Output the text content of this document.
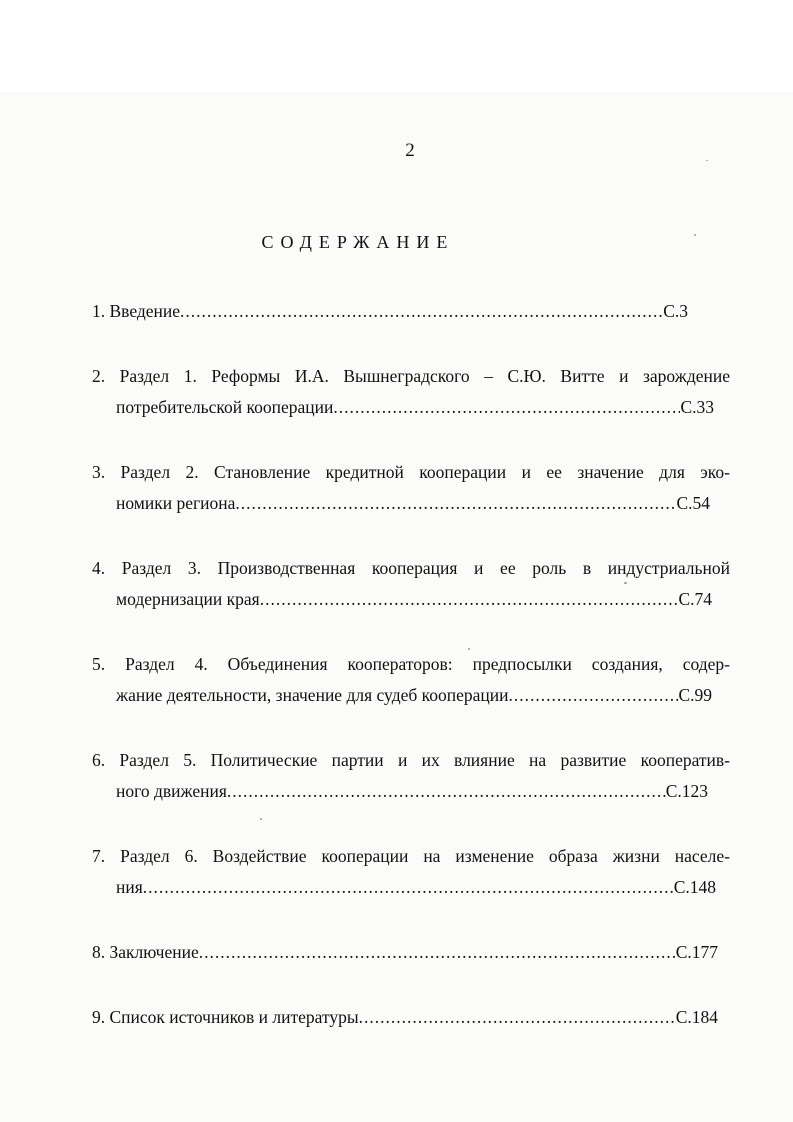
2
СОДЕРЖАНИЕ
1. Введение .....	С.3
2. Раздел 1. Реформы И.А. Вышнеградского – С.Ю. Витте и зарождение
потребительской кооперации .....	С.33
3. Раздел 2. Становление кредитной кооперации и ее значение для эко-
номики региона .....	С.54
4. Раздел 3. Производственная кооперация и ее роль в индустриальной
модернизации края .....	С.74
5. Раздел 4. Объединения кооператоров: предпосылки создания, содер-
жание деятельности, значение для судеб кооперации .....	С.99
6. Раздел 5. Политические партии и их влияние на развитие кооператив-
ного движения .....	С.123
7. Раздел 6. Воздействие кооперации на изменение образа жизни населе-
ния .....	С.148
8. Заключение .....	С.177
9. Список источников и литературы .....	С.184
